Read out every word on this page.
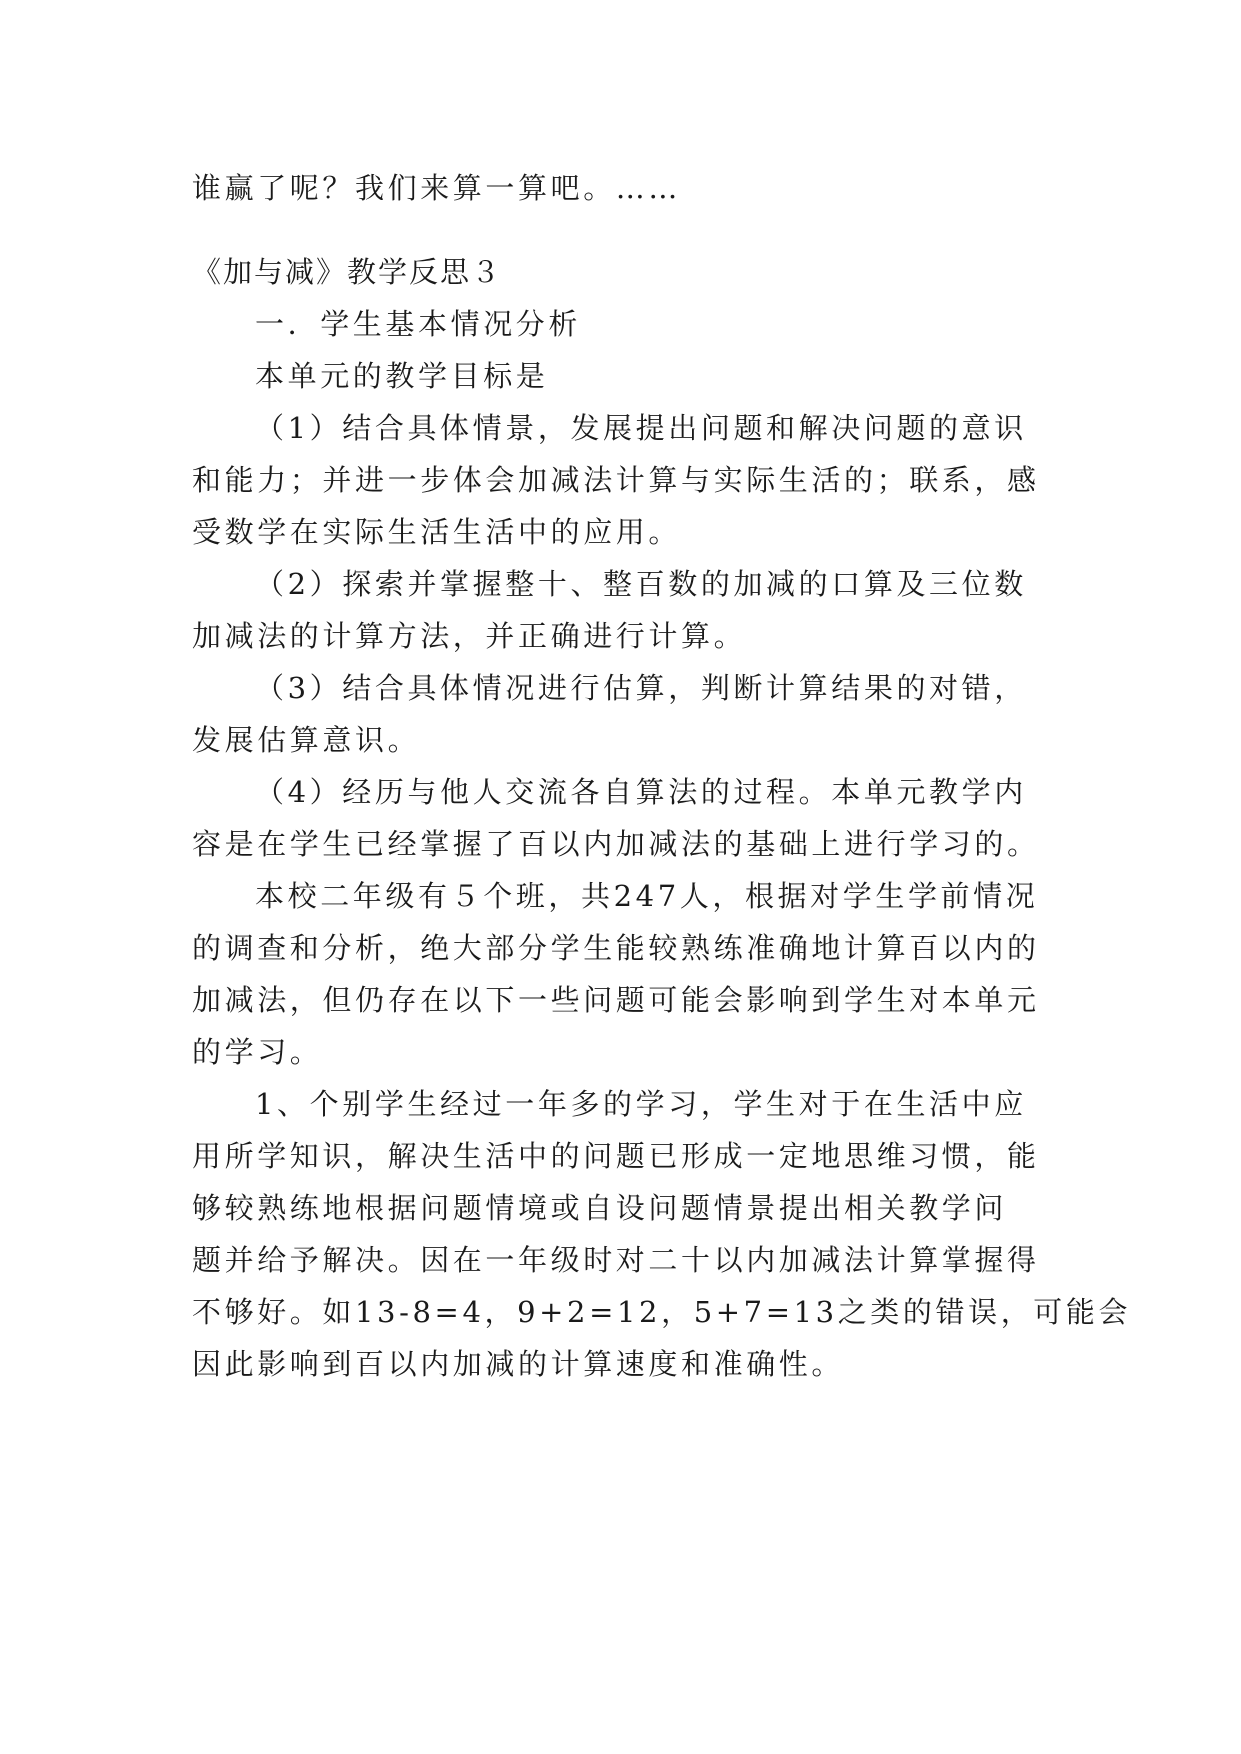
谁赢了呢？我们来算一算吧。……
《加与减》教学反思３
一．学生基本情况分析
本单元的教学目标是
（1）结合具体情景，发展提出问题和解决问题的意识
和能力；并进一步体会加减法计算与实际生活的；联系，感
受数学在实际生活生活中的应用。
（2）探索并掌握整十、整百数的加减的口算及三位数
加减法的计算方法，并正确进行计算。
（3）结合具体情况进行估算，判断计算结果的对错，
发展估算意识。
（4）经历与他人交流各自算法的过程。本单元教学内
容是在学生已经掌握了百以内加减法的基础上进行学习的。
本校二年级有５个班，共247人，根据对学生学前情况
的调查和分析，绝大部分学生能较熟练准确地计算百以内的
加减法，但仍存在以下一些问题可能会影响到学生对本单元
的学习。
1、个别学生经过一年多的学习，学生对于在生活中应
用所学知识，解决生活中的问题已形成一定地思维习惯，能
够较熟练地根据问题情境或自设问题情景提出相关教学问
题并给予解决。因在一年级时对二十以内加减法计算掌握得
不够好。如13-8=4，9+2=12，5+7=13之类的错误，可能会
因此影响到百以内加减的计算速度和准确性。
